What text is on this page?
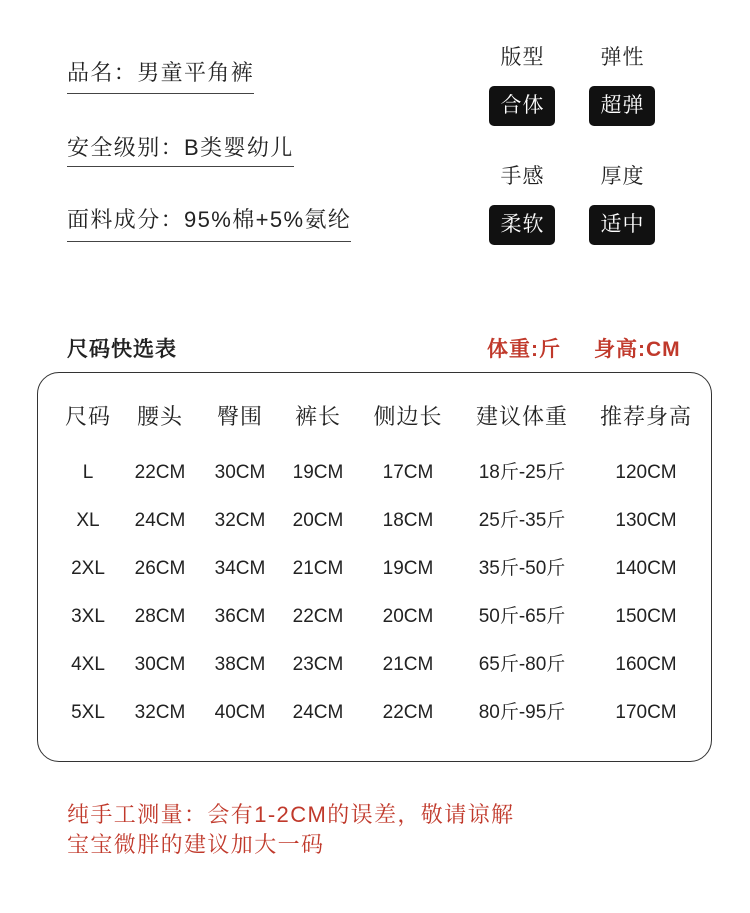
品名：男童平角裤
安全级别：B类婴幼儿
面料成分：95%棉+5%氨纶
版型
合体
弹性
超弹
手感
柔软
厚度
适中
尺码快选表	体重:斤 身高:CM
尺码 腰头 臀围 裤长 侧边长 建议体重 推荐身高
L 22CM 30CM 19CM 17CM 18斤-25斤	120CM
XL 24CM 32CM 20CM 18CM 25斤-35斤	130CM
2XL 26CM 34CM 21CM 19CM 35斤-50斤	140CM
3XL 28CM 36CM 22CM 20CM 50斤-65斤	150CM
4XL 30CM 38CM 23CM 21CM 65斤-80斤	160CM
5XL 32CM 40CM 24CM 22CM 80斤-95斤	170CM
纯手工测量：会有1-2CM的误差，敬请谅解
宝宝微胖的建议加大一码
